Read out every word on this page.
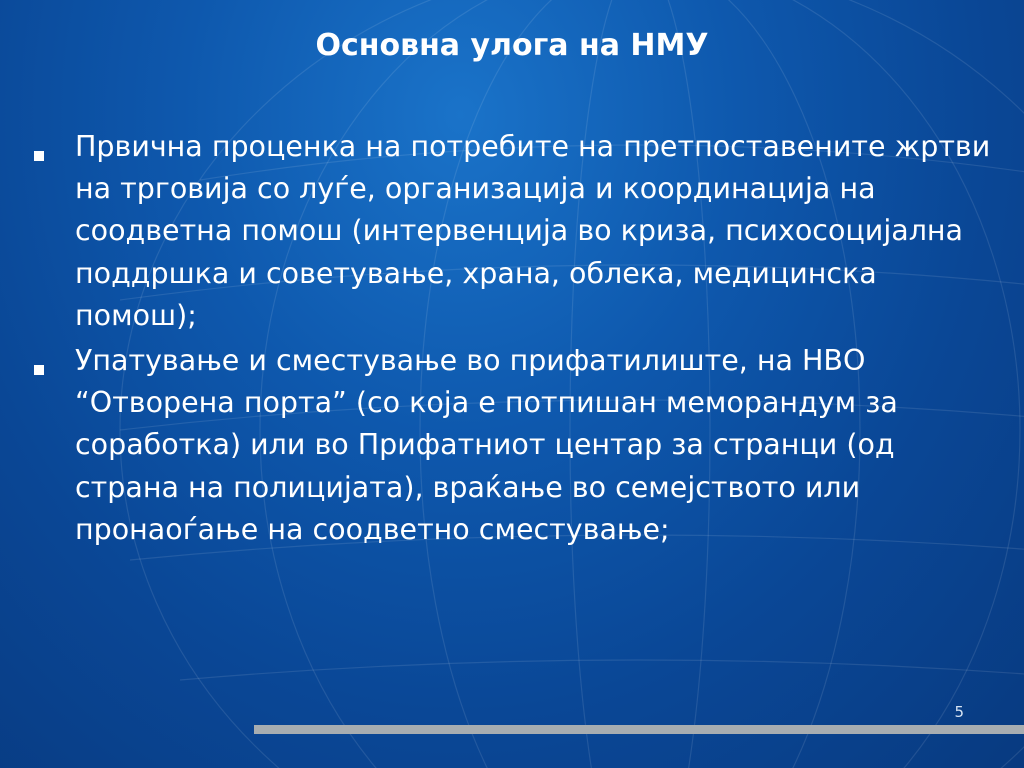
Основна улога на НМУ
Првична проценка на потребите на претпоставените жртви на трговија со луѓе, организација и координација на соодветна помош (интервенција во криза, психосоцијална поддршка и советување, храна, облека, медицинска помош);
Упатување и сместување во прифатилиште, на НВО “Отворена порта” (со која е потпишан меморандум за соработка) или во Прифатниот центар за странци (од страна на полицијата), враќање во семејството или пронаоѓање на соодветно сместување;
5
